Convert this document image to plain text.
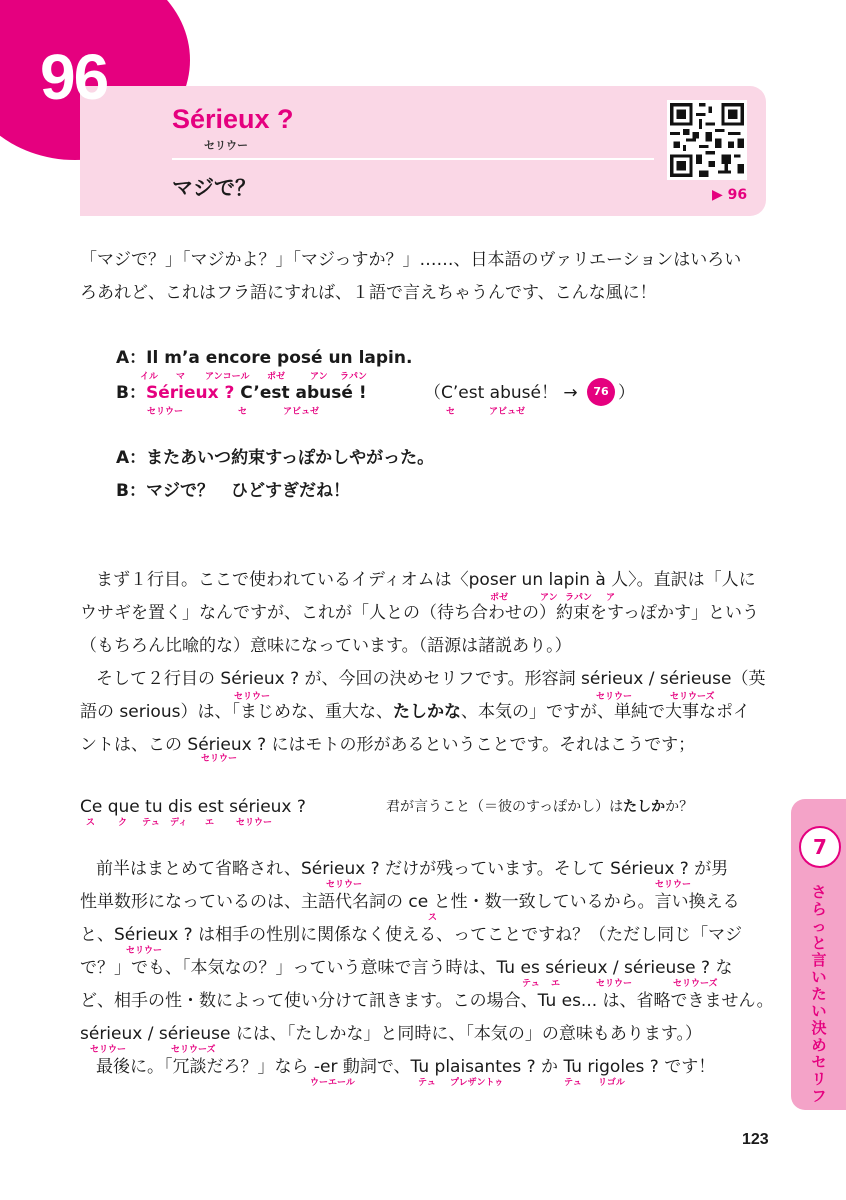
96
Sérieux ?
セリウー
マジで？	▶ 96
「マジで？」「マジかよ？」「マジっすか？」……、日本語のヴァリエーションはいろい
ろあれど、これはフラ語にすれば、１語で言えちゃうんです、こんな風に！
A：Il m’a encore posé un lapin.
イル マ アンコール ポゼ	アン ラパン
B：Sérieux ? C’est abusé !
セリウー	セ	アビュゼ
（C’est abusé！ →
セ	アビュゼ
76 ）
A：またあいつ約束すっぽかしやがった。
B：マジで？　ひどすぎだね！
まず１行目。ここで使われているイディオムは〈poser un lapin à 人〉。直訳は「人に
ポゼ	アン ラパン ア
ウサギを置く」なんですが、これが「人との（待ち合わせの）約束をすっぽかす」という
（もちろん比喩的な）意味になっています。（語源は諸説あり。）
そして２行目の Sérieux ? が、今回の決めセリフです。形容詞 sérieux / sérieuse（英
セリウー	セリウー	セリウーズ
語の serious）は、「まじめな、重大な、たしかな、本気の」ですが、単純で大事なポイ
ントは、この Sérieux ? にはモトの形があるということです。それはこうです；
セリウー
Ce que tu dis est sérieux ?
ス	ク テュ ディ エ セリウー
君が言うこと（＝彼のすっぽかし）はたしかか？
前半はまとめて省略され、Sérieux ? だけが残っています。そして Sérieux ? が男
セリウー	セリウー
性単数形になっているのは、主語代名詞の ce と性・数一致しているから。言い換える
ス
と、Sérieux ? は相手の性別に関係なく使える、ってことですね？（ただし同じ「マジ
セリウー
で？」でも、「本気なの？」っていう意味で言う時は、Tu es sérieux / sérieuse ? な
テュ エ	セリウー	セリウーズ
ど、相手の性・数によって使い分けて訊きます。この場合、Tu es... は、省略できません。
sérieux / sérieuse には、「たしかな」と同時に、「本気の」の意味もあります。）
セリウー	セリウーズ
最後に。「冗談だろ？」なら -er 動詞で、Tu plaisantes ? か Tu rigoles ? です！
ウーエール	テュ プレザントゥ	テュ リゴル
7
さらっと言いたい決めセリフ
123
